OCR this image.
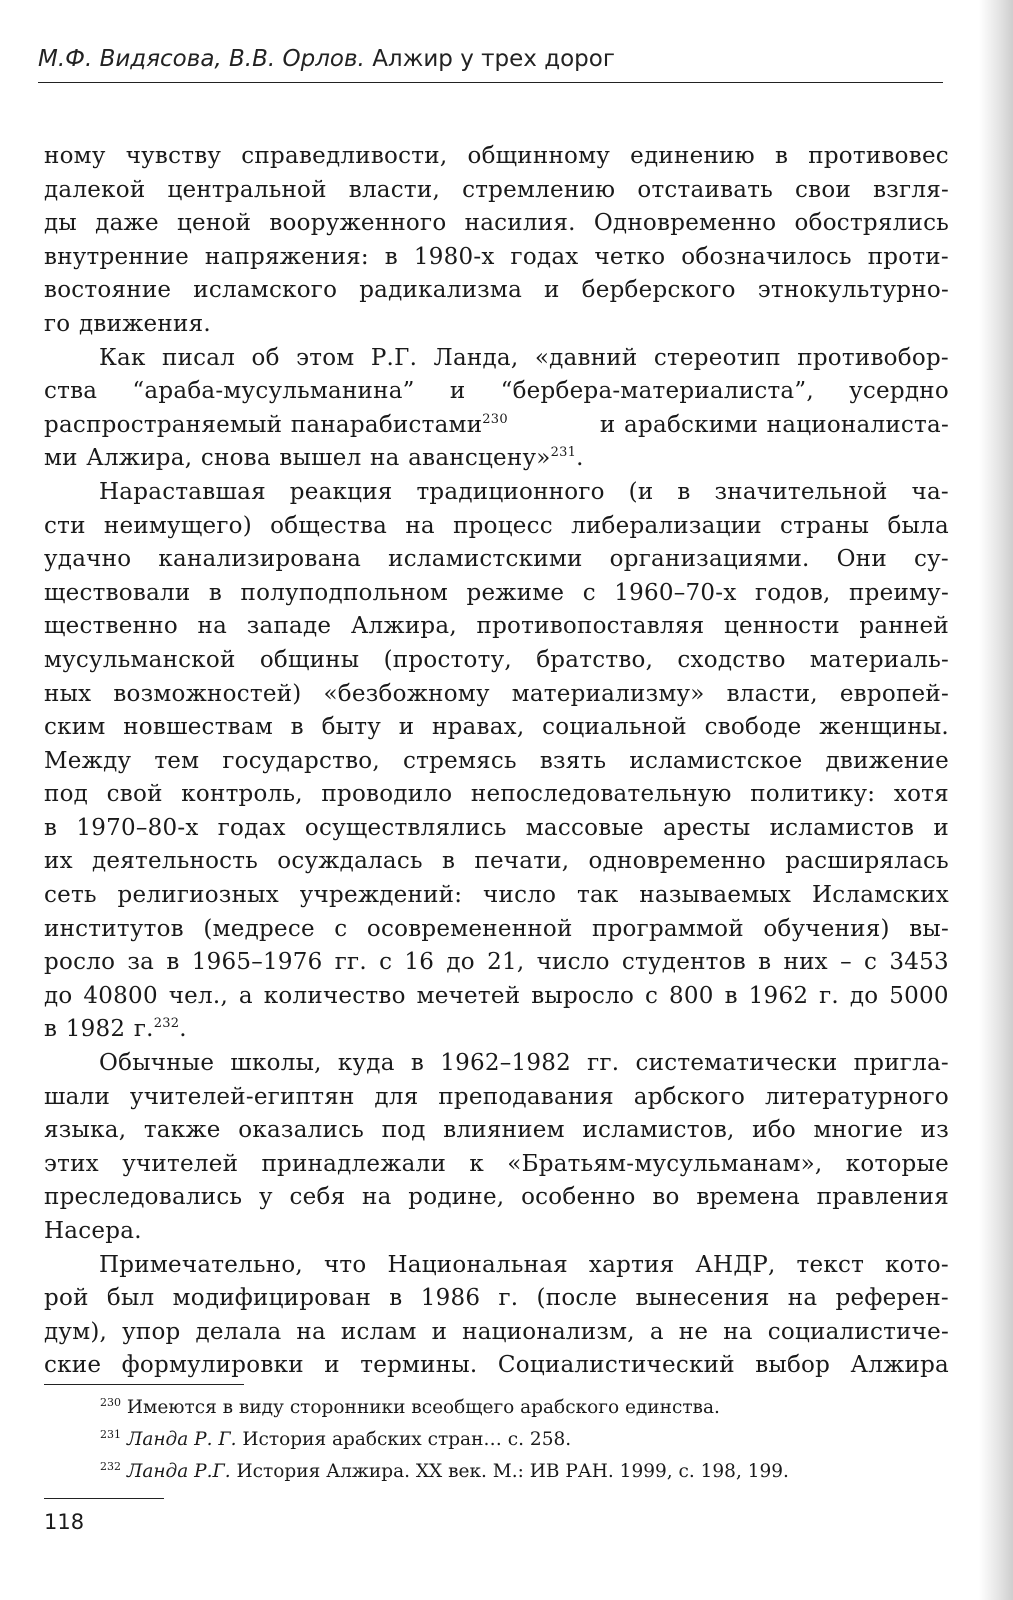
М.Ф. Видясова, В.В. Орлов. Алжир у трех дорог
ному чувству справедливости, общинному единению в противовес
далекой центральной власти, стремлению отстаивать свои взгля-
ды даже ценой вооруженного насилия. Одновременно обострялись
внутренние напряжения: в 1980-х годах четко обозначилось проти-
востояние исламского радикализма и берберского этнокультурно-
го движения.
Как писал об этом Р.Г. Ланда, «давний стереотип противобор-
ства “араба-мусульманина” и “бербера-материалиста”, усердно
распространяемый панарабистами$^{230}$	и арабскими националиста-
ми Алжира, снова вышел на авансцену»$^{231}$.
Нараставшая реакция традиционного (и в значительной ча-
сти неимущего) общества на процесс либерализации страны была
удачно канализирована исламистскими организациями. Они су-
ществовали в полуподпольном режиме с 1960–70-х годов, преиму-
щественно на западе Алжира, противопоставляя ценности ранней
мусульманской общины (простоту, братство, сходство материаль-
ных возможностей) «безбожному материализму» власти, европей-
ским новшествам в быту и нравах, социальной свободе женщины.
Между тем государство, стремясь взять исламистское движение
под свой контроль, проводило непоследовательную политику: хотя
в 1970–80-х годах осуществлялись массовые аресты исламистов и
их деятельность осуждалась в печати, одновременно расширялась
сеть религиозных учреждений: число так называемых Исламских
институтов (медресе с осовремененной программой обучения) вы-
росло за в 1965–1976 гг. с 16 до 21, число студентов в них – с 3453
до 40800 чел., а количество мечетей выросло с 800 в 1962 г. до 5000
в 1982 г.$^{232}$.
Обычные школы, куда в 1962–1982 гг. систематически пригла-
шали учителей-египтян для преподавания арбского литературного
языка, также оказались под влиянием исламистов, ибо многие из
этих учителей принадлежали к «Братьям-мусульманам», которые
преследовались у себя на родине, особенно во времена правления
Насера.
Примечательно, что Национальная хартия АНДР, текст кото-
рой был модифицирован в 1986 г. (после вынесения на референ-
дум), упор делала на ислам и национализм, а не на социалистиче-
ские формулировки и термины. Социалистический выбор Алжира
$^{230}$ Имеются в виду сторонники всеобщего арабского единства.
$^{231}$ Ланда Р. Г. История арабских стран… с. 258.
$^{232}$ Ланда Р.Г. История Алжира. XX век. М.: ИВ РАН. 1999, с. 198, 199.
118
